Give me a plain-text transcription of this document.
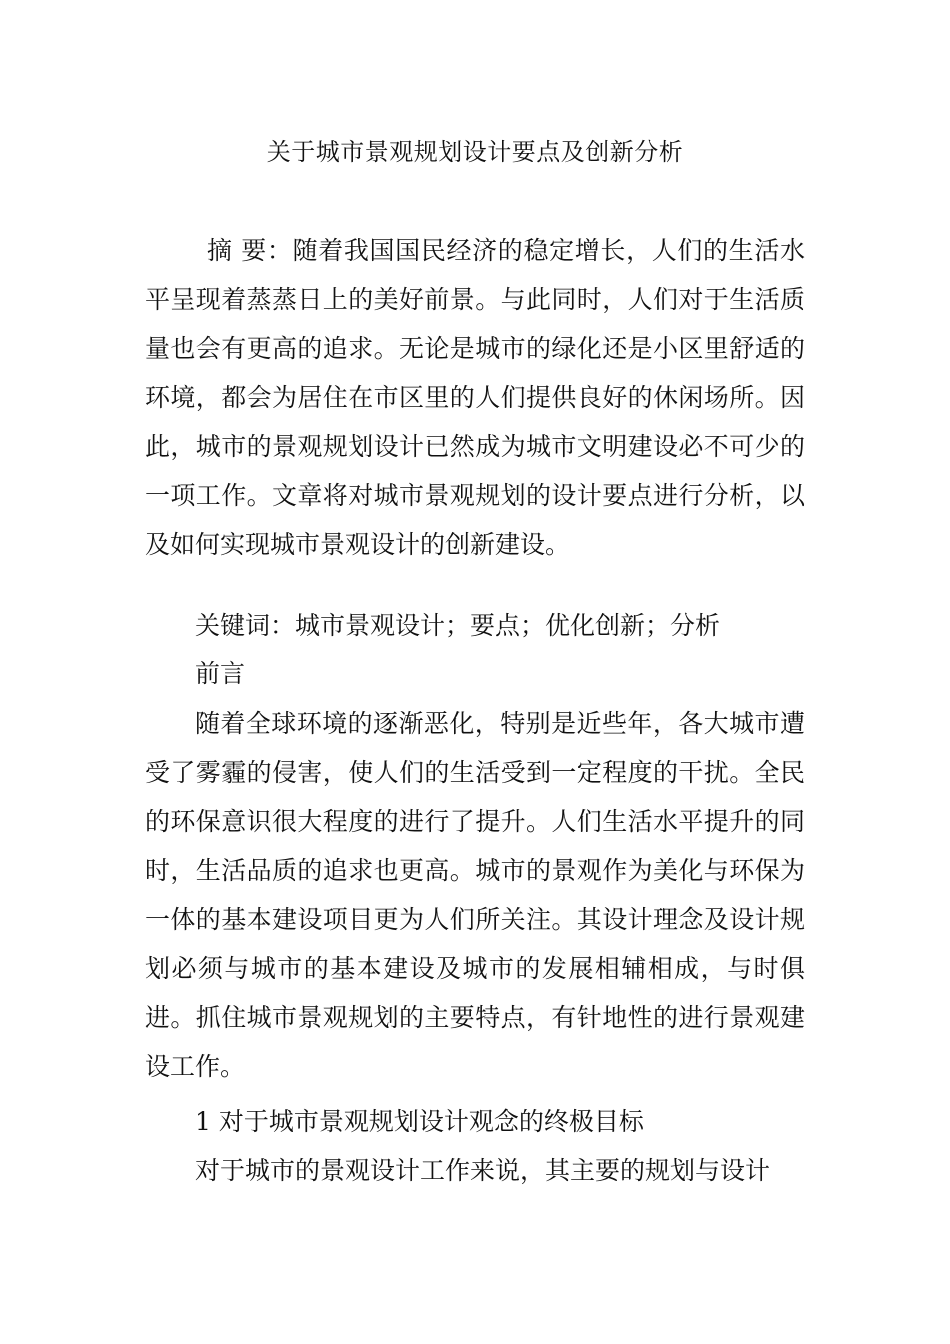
关于城市景观规划设计要点及创新分析

摘 要：随着我国国民经济的稳定增长，人们的生活水平呈现着蒸蒸日上的美好前景。与此同时，人们对于生活质量也会有更高的追求。无论是城市的绿化还是小区里舒适的环境，都会为居住在市区里的人们提供良好的休闲场所。因此，城市的景观规划设计已然成为城市文明建设必不可少的一项工作。文章将对城市景观规划的设计要点进行分析，以及如何实现城市景观设计的创新建设。

关键词：城市景观设计；要点；优化创新；分析

前言

随着全球环境的逐渐恶化，特别是近些年，各大城市遭受了雾霾的侵害，使人们的生活受到一定程度的干扰。全民的环保意识很大程度的进行了提升。人们生活水平提升的同时，生活品质的追求也更高。城市的景观作为美化与环保为一体的基本建设项目更为人们所关注。其设计理念及设计规划必须与城市的基本建设及城市的发展相辅相成，与时俱进。抓住城市景观规划的主要特点，有针地性的进行景观建设工作。

1 对于城市景观规划设计观念的终极目标

对于城市的景观设计工作来说，其主要的规划与设计
